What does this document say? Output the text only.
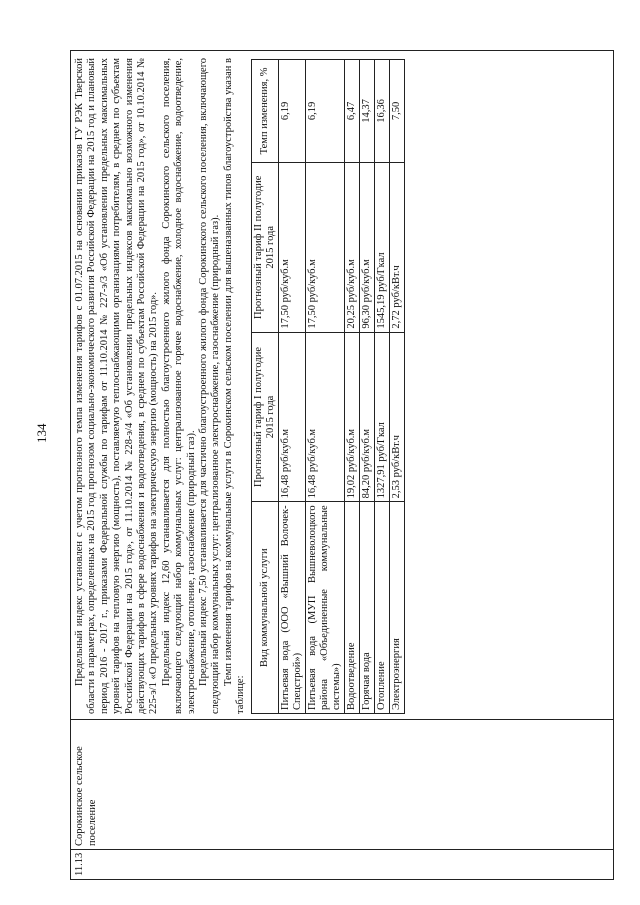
134
11.13
Сорокинское сельское поселение

Предельный индекс установлен с учетом прогнозного темпа изменения тарифов с 01.07.2015 на основании приказов ГУ РЭК Тверской области в параметрах, определенных на 2015 год прогнозом социально-экономического развития Российской Федерации на 2015 год и плановый период 2016 - 2017 г., приказами Федеральной службы по тарифам от 11.10.2014 № 227-э/3 «Об установлении предельных максимальных уровней тарифов на тепловую энергию (мощность), поставляемую теплоснабжающими организациями потребителям, в среднем по субъектам Российской Федерации на 2015 год», от 11.10.2014 № 228-э/4 «Об установлении предельных индексов максимально возможного изменения действующих тарифов в сфере водоснабжения и водоотведения, в среднем по субъектам Российской Федерации на 2015 год», от 10.10.2014 № 225-э/1 «О предельных уровнях тарифов на электрическую энергию (мощность) на 2015 год». Предельный индекс 12,60 устанавливается для полностью благоустроенного жилого фонда Сорокинского сельского поселения, включающего следующий набор коммунальных услуг: централизованное горячее водоснабжение, холодное водоснабжение, водоотведение, электроснабжение, отопление, газоснабжение (природный газ). Предельный индекс 7,50 устанавливается для частично благоустроенного жилого фонда Сорокинского сельского поселения, включающего следующий набор коммунальных услуг: централизованное электроснабжение, газоснабжение (природный газ). Темп изменения тарифов на коммунальные услуги в Сорокинском сельском поселении для вышеназванных типов благоустройства указан в таблице:

Вид коммунальной услуги	Прогнозный тариф I полугодие 2015 года	Прогнозный тариф II полугодие 2015 года	Темп изменения, %
Питьевая вода (ООО «Вышний Волочек-Спецстрой»)	16,48 руб/куб.м	17,50 руб/куб.м	6,19
Питьевая вода (МУП Вышневолоцкого района «Объединенные коммунальные системы»)	16,48 руб/куб.м	17,50 руб/куб.м	6,19
Водоотведение	19,02 руб/куб.м	20,25 руб/куб.м	6,47
Горячая вода	84,20 руб/куб.м	96,30 руб/куб.м	14,37
Отопление	1327,91 руб/Гкал	1545,19 руб/Гкал	16,36
Электроэнергия	2,53 руб/кВт.ч	2,72 руб/кВт.ч	7,50
